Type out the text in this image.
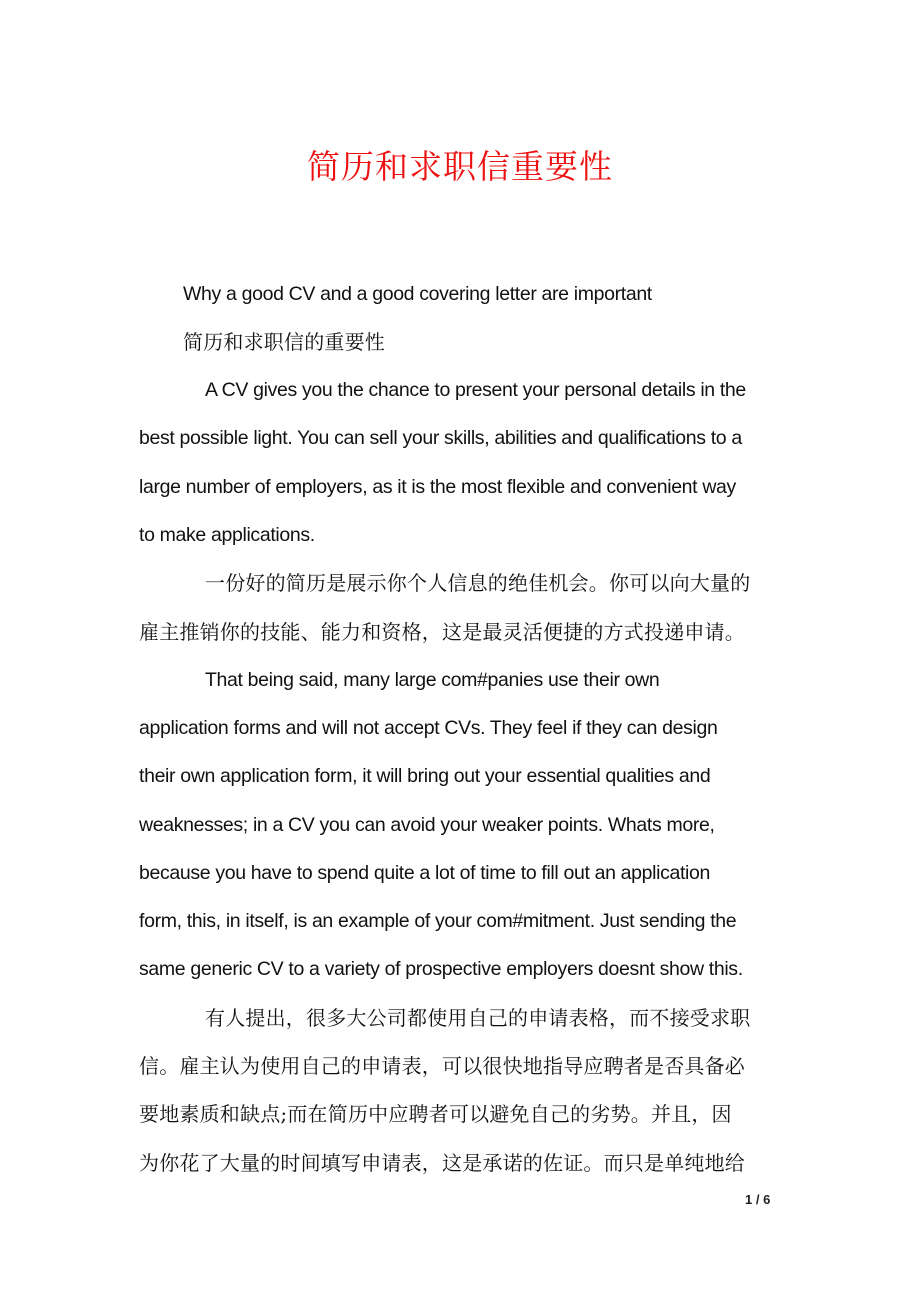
简历和求职信重要性
Why a good CV and a good covering letter are important
简历和求职信的重要性
A CV gives you the chance to present your personal details in the
best possible light. You can sell your skills, abilities and qualifications to a
large number of employers, as it is the most flexible and convenient way
to make applications.
一份好的简历是展示你个人信息的绝佳机会。你可以向大量的
雇主推销你的技能、能力和资格，这是最灵活便捷的方式投递申请。
That being said, many large com#panies use their own
application forms and will not accept CVs. They feel if they can design
their own application form, it will bring out your essential qualities and
weaknesses; in a CV you can avoid your weaker points. Whats more,
because you have to spend quite a lot of time to fill out an application
form, this, in itself, is an example of your com#mitment. Just sending the
same generic CV to a variety of prospective employers doesnt show this.
有人提出，很多大公司都使用自己的申请表格，而不接受求职
信。雇主认为使用自己的申请表，可以很快地指导应聘者是否具备必
要地素质和缺点;而在简历中应聘者可以避免自己的劣势。并且，因
为你花了大量的时间填写申请表，这是承诺的佐证。而只是单纯地给
1 / 6
